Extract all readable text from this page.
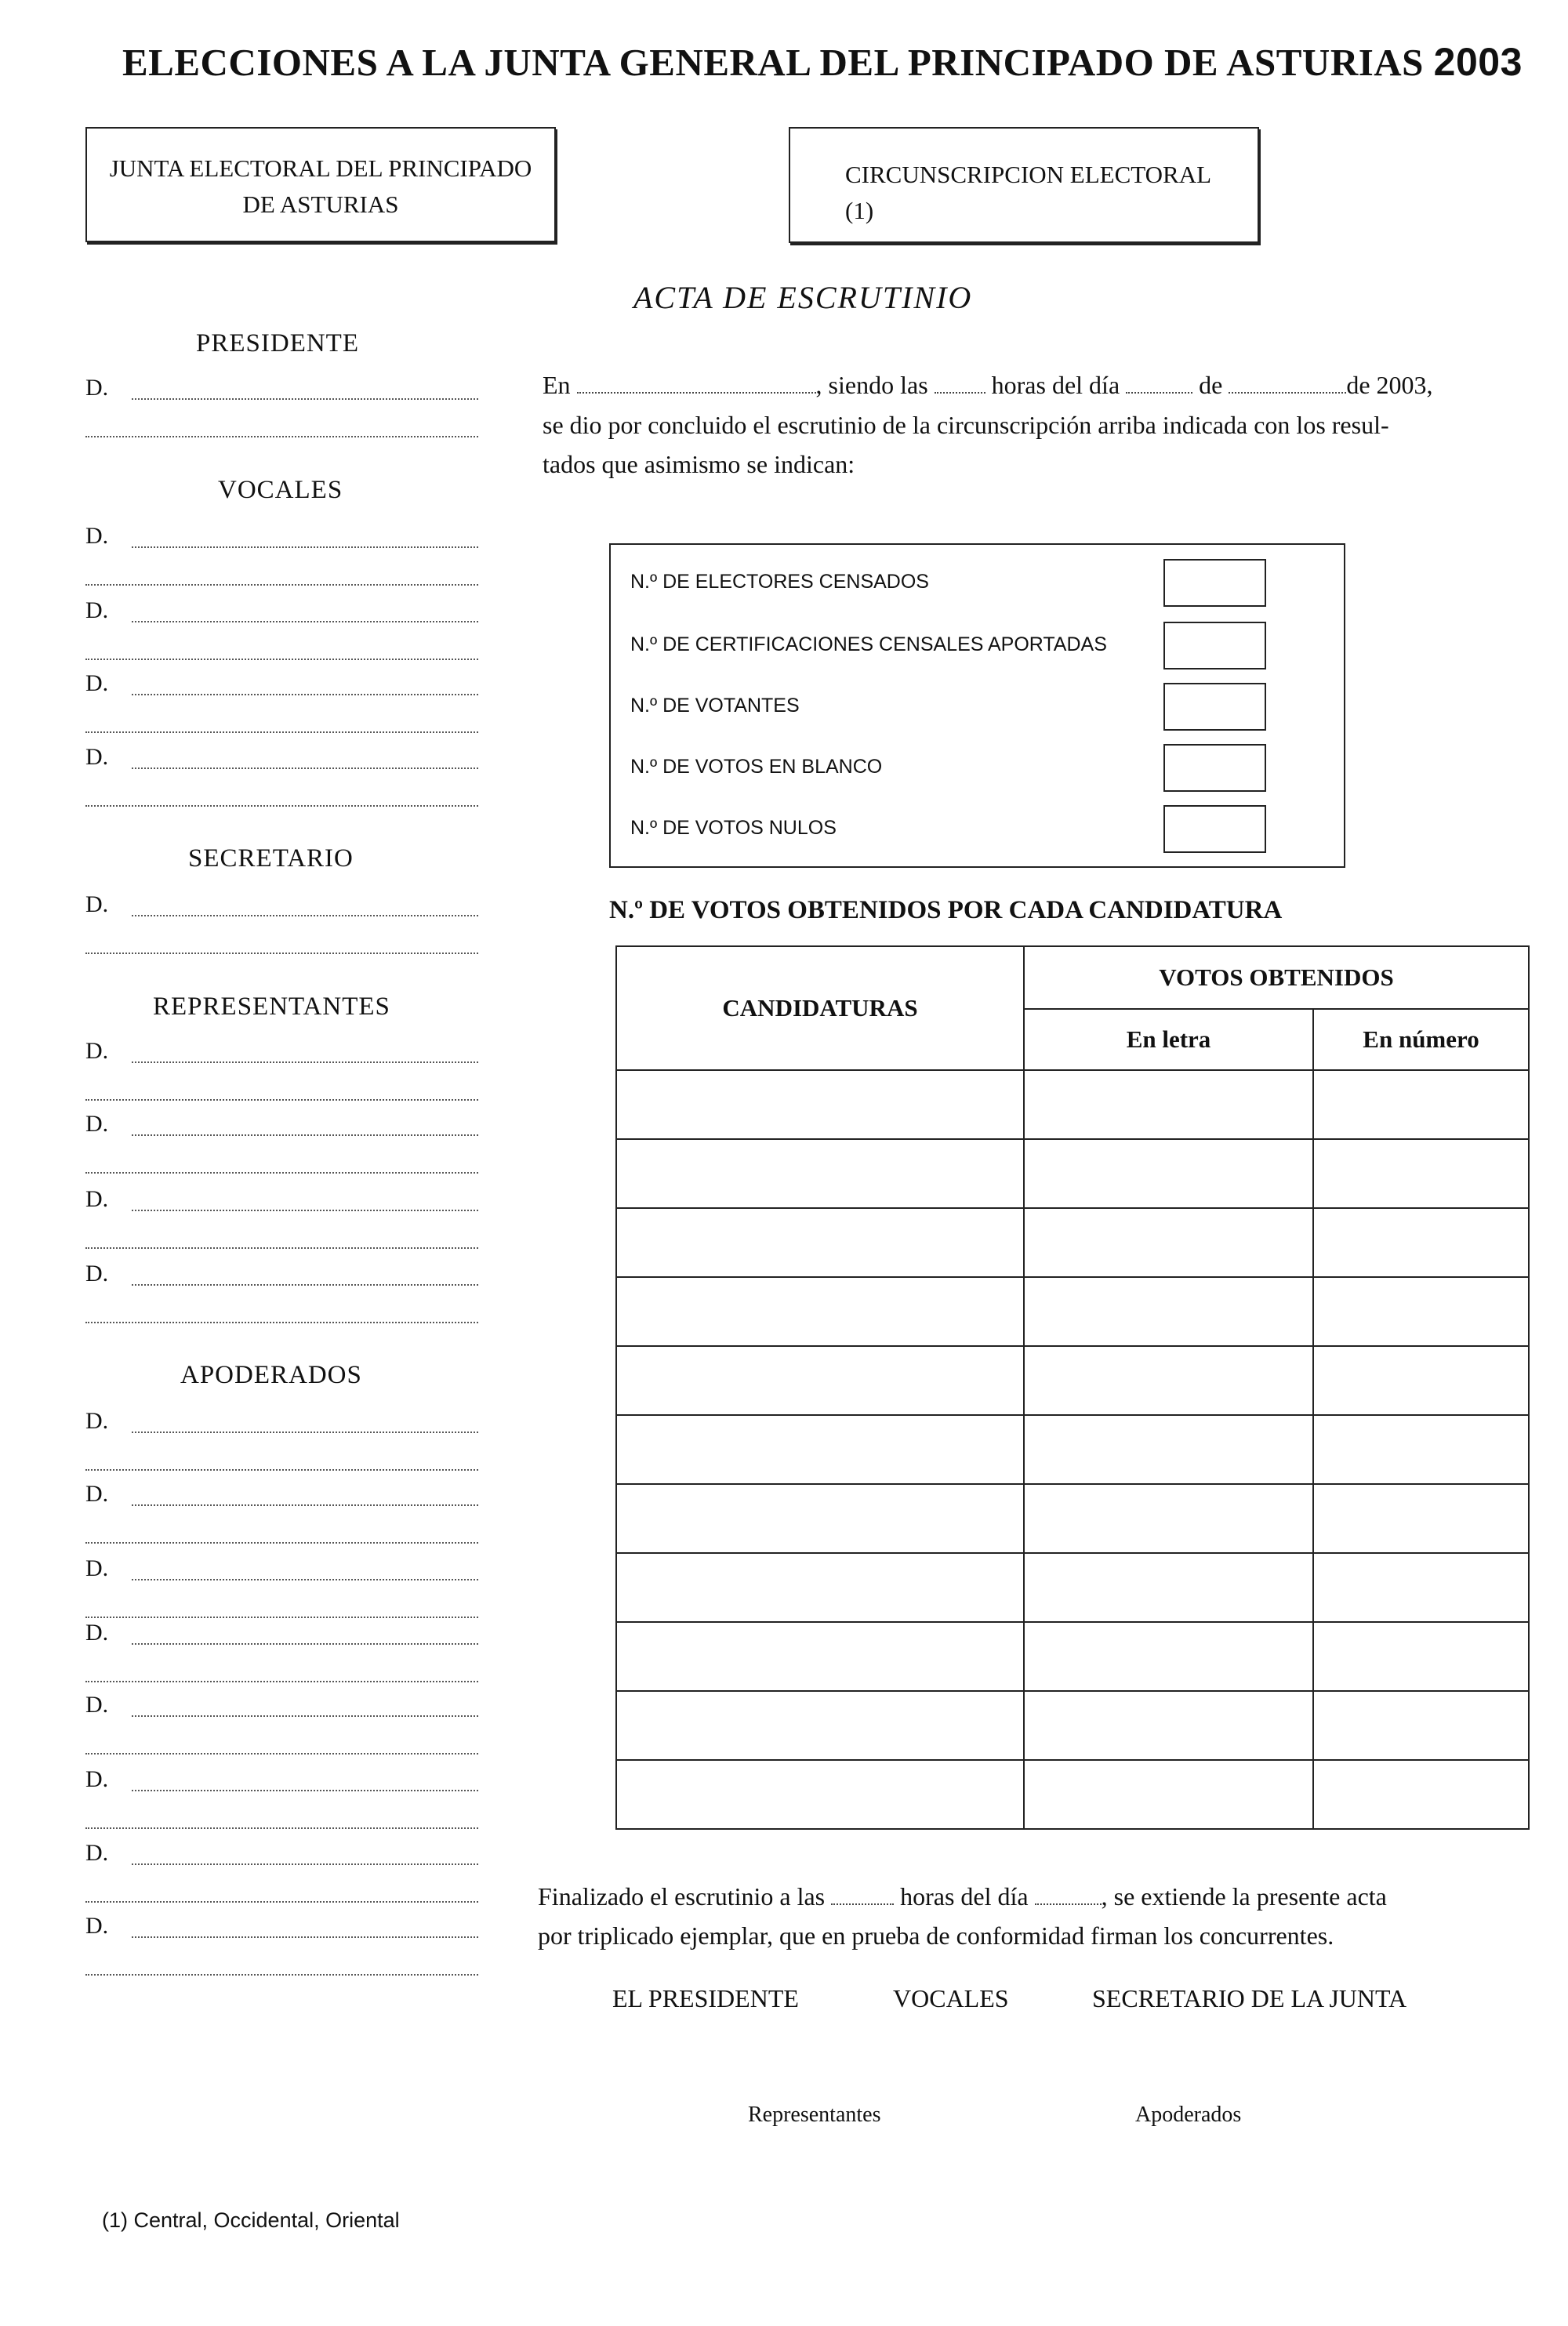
ELECCIONES A LA JUNTA GENERAL DEL PRINCIPADO DE ASTURIAS 2003
JUNTA ELECTORAL DEL PRINCIPADO
DE ASTURIAS
CIRCUNSCRIPCION ELECTORAL
(1)
ACTA DE ESCRUTINIO
PRESIDENTE
D.
VOCALES
D.
D.
D.
D.
SECRETARIO
D.
REPRESENTANTES
D.
D.
D.
D.
APODERADOS
D.
D.
D.
D.
D.
D.
D.
D.
En	, siendo las	horas del día	de	de 2003,
se dio por concluido el escrutinio de la circunscripción arriba indicada con los resul-
tados que asimismo se indican:
N.º DE ELECTORES CENSADOS
N.º DE CERTIFICACIONES CENSALES APORTADAS
N.º DE VOTANTES
N.º DE VOTOS EN BLANCO
N.º DE VOTOS NULOS
N.º DE VOTOS OBTENIDOS POR CADA CANDIDATURA
CANDIDATURAS	VOTOS OBTENIDOS	
	En letra	En número

Finalizado el escrutinio a las	horas del día	, se extiende la presente acta
por triplicado ejemplar, que en prueba de conformidad firman los concurrentes.
EL PRESIDENTE	VOCALES	SECRETARIO DE LA JUNTA
Representantes	Apoderados
(1) Central, Occidental, Oriental
